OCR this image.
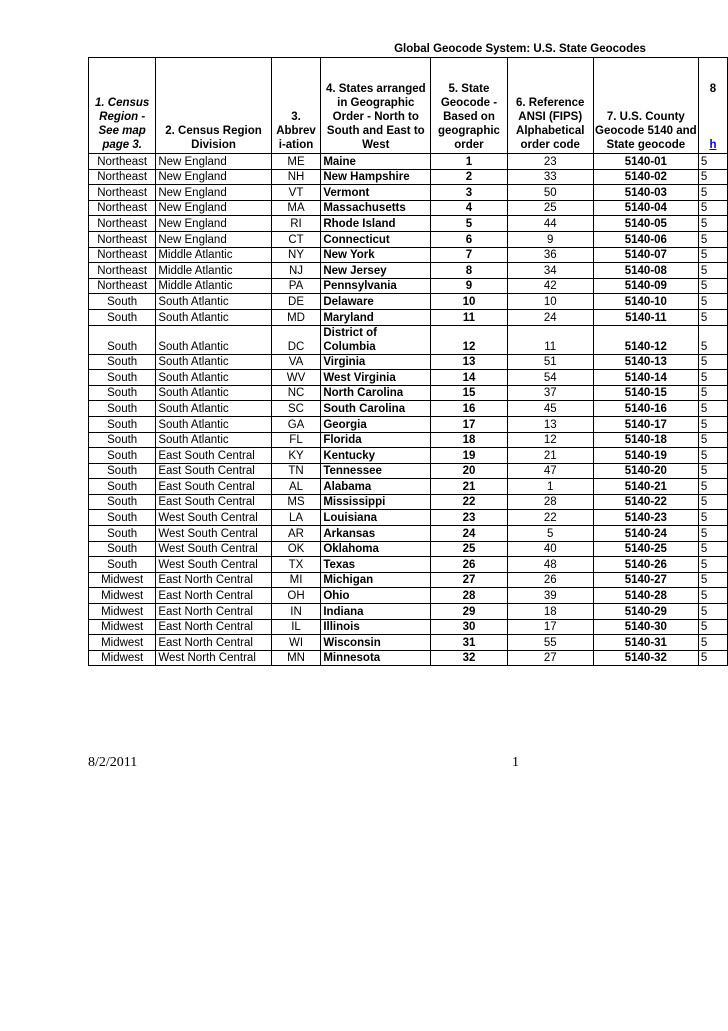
Global Geocode System: U.S. State Geocodes
1. Census Region - See map page 3.	2. Census Region Division	3. Abbrev i-ation	4. States arranged in Geographic Order - North to South and East to West	5. State Geocode - Based on geographic order	6. Reference ANSI (FIPS) Alphabetical order code	7. U.S. County Geocode 5140 and State geocode	8

h
Northeast	New England	ME	Maine	1	23	5140-01	5
Northeast	New England	NH	New Hampshire	2	33	5140-02	5
Northeast	New England	VT	Vermont	3	50	5140-03	5
Northeast	New England	MA	Massachusetts	4	25	5140-04	5
Northeast	New England	RI	Rhode Island	5	44	5140-05	5
Northeast	New England	CT	Connecticut	6	9	5140-06	5
Northeast	Middle Atlantic	NY	New York	7	36	5140-07	5
Northeast	Middle Atlantic	NJ	New Jersey	8	34	5140-08	5
Northeast	Middle Atlantic	PA	Pennsylvania	9	42	5140-09	5
South	South Atlantic	DE	Delaware	10	10	5140-10	5
South	South Atlantic	MD	Maryland	11	24	5140-11	5
South	South Atlantic	DC	District of Columbia	12	11	5140-12	5
South	South Atlantic	VA	Virginia	13	51	5140-13	5
South	South Atlantic	WV	West Virginia	14	54	5140-14	5
South	South Atlantic	NC	North Carolina	15	37	5140-15	5
South	South Atlantic	SC	South Carolina	16	45	5140-16	5
South	South Atlantic	GA	Georgia	17	13	5140-17	5
South	South Atlantic	FL	Florida	18	12	5140-18	5
South	East South Central	KY	Kentucky	19	21	5140-19	5
South	East South Central	TN	Tennessee	20	47	5140-20	5
South	East South Central	AL	Alabama	21	1	5140-21	5
South	East South Central	MS	Mississippi	22	28	5140-22	5
South	West South Central	LA	Louisiana	23	22	5140-23	5
South	West South Central	AR	Arkansas	24	5	5140-24	5
South	West South Central	OK	Oklahoma	25	40	5140-25	5
South	West South Central	TX	Texas	26	48	5140-26	5
Midwest	East North Central	MI	Michigan	27	26	5140-27	5
Midwest	East North Central	OH	Ohio	28	39	5140-28	5
Midwest	East North Central	IN	Indiana	29	18	5140-29	5
Midwest	East North Central	IL	Illinois	30	17	5140-30	5
Midwest	East North Central	WI	Wisconsin	31	55	5140-31	5
Midwest	West North Central	MN	Minnesota	32	27	5140-32	5
8/2/2011	1
